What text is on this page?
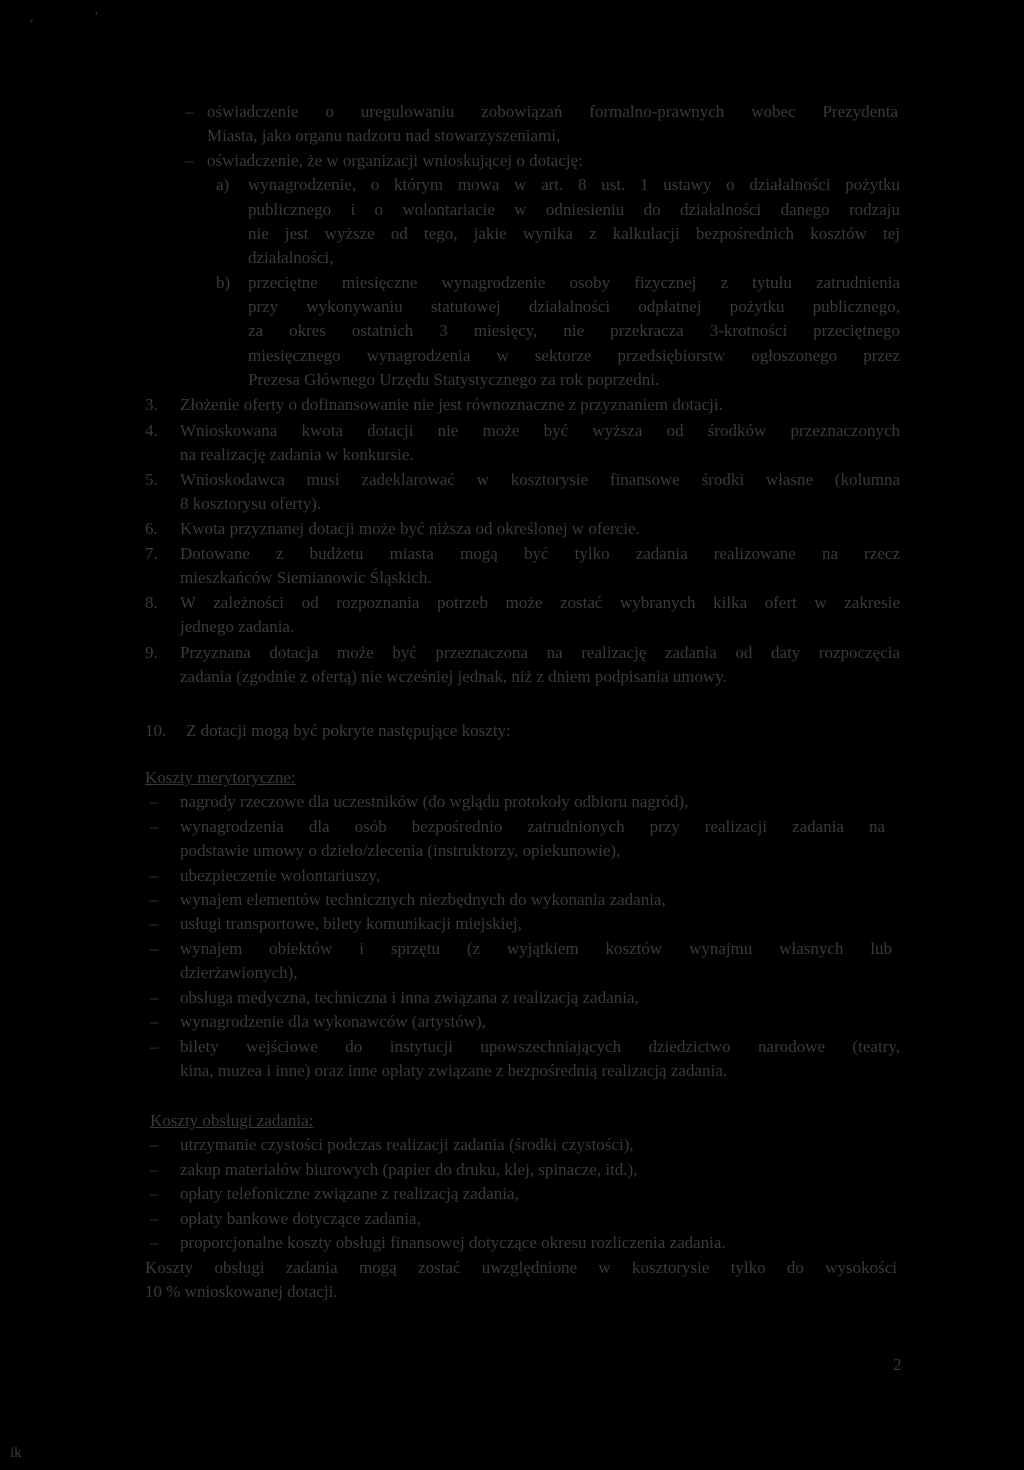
,	'
– oświadczenie o uregulowaniu zobowiązań formalno-prawnych wobec Prezydenta
Miasta, jako organu nadzoru nad stowarzyszeniami,
– oświadczenie, że w organizacji wnioskującej o dotację:
a) wynagrodzenie, o którym mowa w art. 8 ust. 1 ustawy o działalności pożytku
publicznego i o wolontariacie w odniesieniu do działalności danego rodzaju
nie jest wyższe od tego, jakie wynika z kalkulacji bezpośrednich kosztów tej
działalności,
b) przeciętne miesięczne wynagrodzenie osoby fizycznej z tytułu zatrudnienia
przy wykonywaniu statutowej działalności odpłatnej pożytku publicznego,
za okres ostatnich 3 miesięcy, nie przekracza 3-krotności przeciętnego
miesięcznego wynagrodzenia w sektorze przedsiębiorstw ogłoszonego przez
Prezesa Głównego Urzędu Statystycznego za rok poprzedni.
3. Złożenie oferty o dofinansowanie nie jest równoznaczne z przyznaniem dotacji.
4. Wnioskowana kwota dotacji nie może być wyższa od środków przeznaczonych
na realizację zadania w konkursie.
5. Wnioskodawca musi zadeklarować w kosztorysie finansowe środki własne (kolumna
8 kosztorysu oferty).
6. Kwota przyznanej dotacji może być niższa od określonej w ofercie.
7. Dotowane z budżetu miasta mogą być tylko zadania realizowane na rzecz
mieszkańców Siemianowic Śląskich.
8. W zależności od rozpoznania potrzeb może zostać wybranych kilka ofert w zakresie
jednego zadania.
9. Przyznana dotacja może być przeznaczona na realizację zadania od daty rozpoczęcia
zadania (zgodnie z ofertą) nie wcześniej jednak, niż z dniem podpisania umowy.
10. Z dotacji mogą być pokryte następujące koszty:
Koszty merytoryczne:
– nagrody rzeczowe dla uczestników (do wglądu protokoły odbioru nagród),
– wynagrodzenia dla osób bezpośrednio zatrudnionych przy realizacji zadania na
podstawie umowy o dzieło/zlecenia (instruktorzy, opiekunowie),
– ubezpieczenie wolontariuszy,
– wynajem elementów technicznych niezbędnych do wykonania zadania,
– usługi transportowe, bilety komunikacji miejskiej,
– wynajem obiektów i sprzętu (z wyjątkiem kosztów wynajmu własnych lub
dzierżawionych),
– obsługa medyczna, techniczna i inna związana z realizacją zadania,
– wynagrodzenie dla wykonawców (artystów),
– bilety wejściowe do instytucji upowszechniających dziedzictwo narodowe (teatry,
kina, muzea i inne) oraz inne opłaty związane z bezpośrednią realizacją zadania.
Koszty obsługi zadania:
– utrzymanie czystości podczas realizacji zadania (środki czystości),
– zakup materiałów biurowych (papier do druku, klej, spinacze, itd.),
– opłaty telefoniczne związane z realizacją zadania,
– opłaty bankowe dotyczące zadania,
– proporcjonalne koszty obsługi finansowej dotyczące okresu rozliczenia zadania.
Koszty obsługi zadania mogą zostać uwzględnione w kosztorysie tylko do wysokości
10 % wnioskowanej dotacji.
2
ik
